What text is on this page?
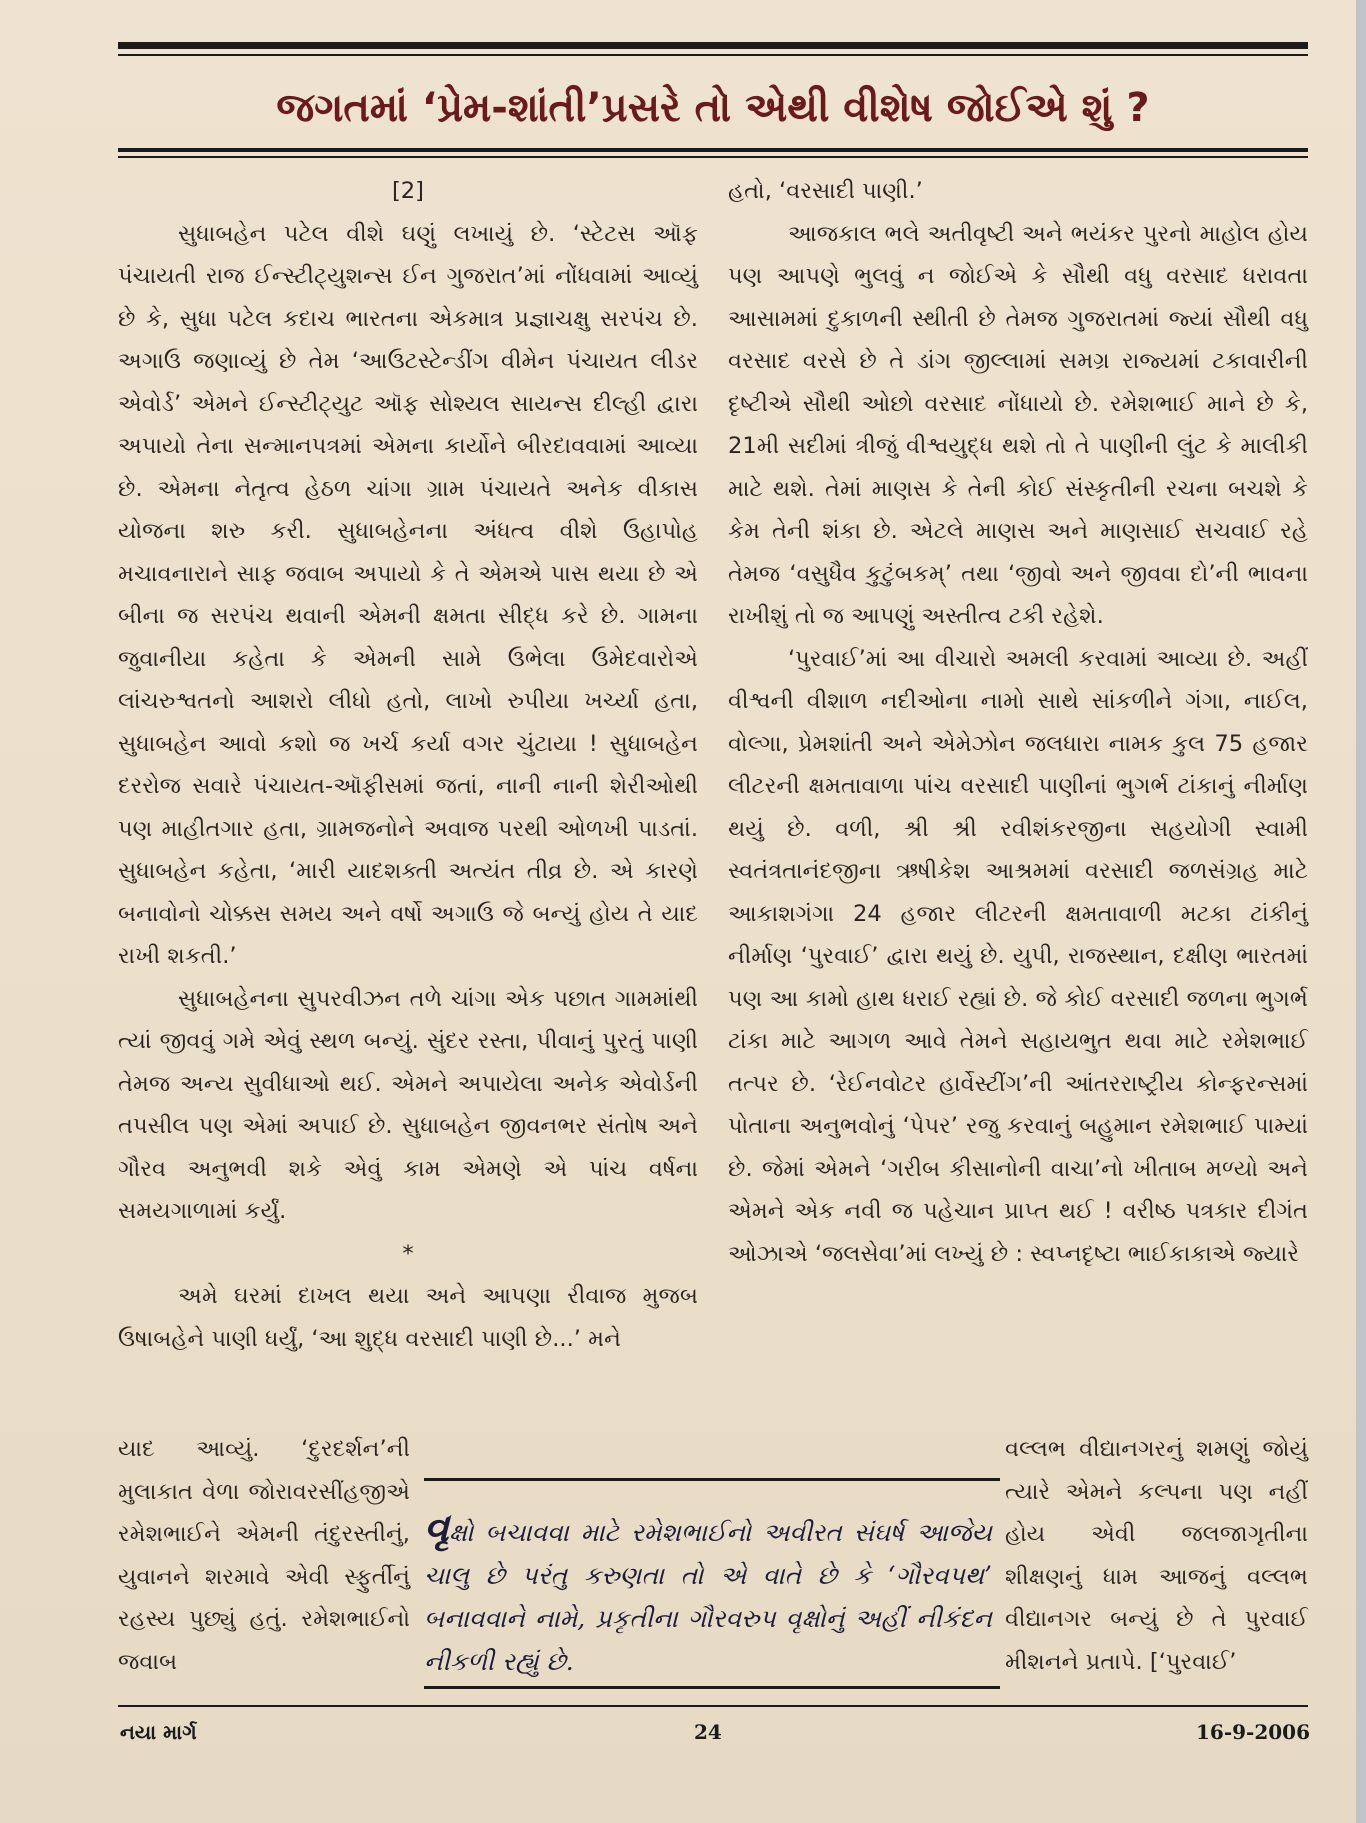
જગતમાં ‘પ્રેમ-શાંતી’પ્રસરે તો એથી વીશેષ જોઈએ શું ?

[2]

સુધાબહેન પટેલ વીશે ઘણું લખાયું છે. ‘સ્ટેટસ ઑફ પંચાયતી રાજ ઈન્સ્ટીટ્યુશન્સ ઈન ગુજરાત’માં નોંધવામાં આવ્યું છે કે, સુધા પટેલ કદાચ ભારતના એકમાત્ર પ્રજ્ઞાચક્ષુ સરપંચ છે. અગાઉ જણાવ્યું છે તેમ ‘આઉટસ્ટેન્ડીંગ વીમેન પંચાયત લીડર એવોર્ડ’ એમને ઈન્સ્ટીટ્યુટ ઑફ સોશ્યલ સાયન્સ દીલ્હી દ્વારા અપાયો તેના સન્માનપત્રમાં એમના કાર્યોને બીરદાવવામાં આવ્યા છે. એમના નેતૃત્વ હેઠળ ચાંગા ગ્રામ પંચાયતે અનેક વીકાસ યોજના શરુ કરી. સુધાબહેનના અંધત્વ વીશે ઉહાપોહ મચાવનારાને સાફ જવાબ અપાયો કે તે એમએ પાસ થયા છે એ બીના જ સરપંચ થવાની એમની ક્ષમતા સીદ્ધ કરે છે. ગામના જુવાનીયા કહેતા કે એમની સામે ઉભેલા ઉમેદવારોએ લાંચરુશ્વતનો આશરો લીધો હતો, લાખો રુપીયા ખર્ચ્યા હતા, સુધાબહેન આવો કશો જ ખર્ચ કર્યા વગર ચુંટાયા ! સુધાબહેન દરરોજ સવારે પંચાયત-ઑફીસમાં જતાં, નાની નાની શેરીઓથી પણ માહીતગાર હતા, ગ્રામજનોને અવાજ પરથી ઓળખી પાડતાં. સુધાબહેન કહેતા, ‘મારી યાદશક્તી અત્યંત તીવ્ર છે. એ કારણે બનાવોનો ચોક્કસ સમય અને વર્ષો અગાઉ જે બન્યું હોય તે યાદ રાખી શકતી.’

સુધાબહેનના સુપરવીઝન તળે ચાંગા એક પછાત ગામમાંથી ત્યાં જીવવું ગમે એવું સ્થળ બન્યું. સુંદર રસ્તા, પીવાનું પુરતું પાણી તેમજ અન્ય સુવીધાઓ થઈ. એમને અપાયેલા અનેક એવોર્ડની તપસીલ પણ એમાં અપાઈ છે. સુધાબહેન જીવનભર સંતોષ અને ગૌરવ અનુભવી શકે એવું કામ એમણે એ પાંચ વર્ષના સમયગાળામાં કર્યું.

*

અમે ઘરમાં દાખલ થયા અને આપણા રીવાજ મુજબ ઉષાબહેને પાણી ધર્યું, ‘આ શુદ્ધ વરસાદી પાણી છે...’ મને

હતો, ‘વરસાદી પાણી.’

આજકાલ ભલે અતીવૃષ્ટી અને ભયંકર પુરનો માહોલ હોય પણ આપણે ભુલવું ન જોઈએ કે સૌથી વધુ વરસાદ ધરાવતા આસામમાં દુકાળની સ્થીતી છે તેમજ ગુજરાતમાં જ્યાં સૌથી વધુ વરસાદ વરસે છે તે ડાંગ જીલ્લામાં સમગ્ર રાજ્યમાં ટકાવારીની દૃષ્ટીએ સૌથી ઓછો વરસાદ નોંધાયો છે. રમેશભાઈ માને છે કે, 21મી સદીમાં ત્રીજું વીશ્વયુદ્ધ થશે તો તે પાણીની લુંટ કે માલીકી માટે થશે. તેમાં માણસ કે તેની કોઈ સંસ્કૃતીની રચના બચશે કે કેમ તેની શંકા છે. એટલે માણસ અને માણસાઈ સચવાઈ રહે તેમજ ‘વસુધૈવ કુટુંબકમ્’ તથા ‘જીવો અને જીવવા દો’ની ભાવના રાખીશું તો જ આપણું અસ્તીત્વ ટકી રહેશે.

‘પુરવાઈ’માં આ વીચારો અમલી કરવામાં આવ્યા છે. અહીં વીશ્વની વીશાળ નદીઓના નામો સાથે સાંકળીને ગંગા, નાઈલ, વોલ્ગા, પ્રેમશાંતી અને એમેઝોન જલધારા નામક કુલ 75 હજાર લીટરની ક્ષમતાવાળા પાંચ વરસાદી પાણીનાં ભુગર્ભ ટાંકાનું નીર્માણ થયું છે. વળી, શ્રી શ્રી રવીશંકરજીના સહયોગી સ્વામી સ્વતંત્રતાનંદજીના ઋષીકેશ આશ્રમમાં વરસાદી જળસંગ્રહ માટે આકાશગંગા 24 હજાર લીટરની ક્ષમતાવાળી મટકા ટાંકીનું નીર્માણ ‘પુરવાઈ’ દ્વારા થયું છે. યુપી, રાજસ્થાન, દક્ષીણ ભારતમાં પણ આ કામો હાથ ધરાઈ રહ્યાં છે. જે કોઈ વરસાદી જળના ભુગર્ભ ટાંકા માટે આગળ આવે તેમને સહાયભુત થવા માટે રમેશભાઈ તત્પર છે. ‘રેઈનવોટર હાર્વેસ્ટીંગ’ની આંતરરાષ્ટ્રીય કોન્ફરન્સમાં પોતાના અનુભવોનું ‘પેપર’ રજુ કરવાનું બહુમાન રમેશભાઈ પામ્યાં છે. જેમાં એમને ‘ગરીબ કીસાનોની વાચા’નો ખીતાબ મળ્યો અને એમને એક નવી જ પહેચાન પ્રાપ્ત થઈ ! વરીષ્ઠ પત્રકાર દીગંત ઓઝાએ ‘જલસેવા’માં લખ્યું છે : સ્વપ્નદૃષ્ટા ભાઈકાકાએ જ્યારે

યાદ આવ્યું. ‘દુરદર્શન’ની મુલાકાત વેળા જોરાવરસીંહજીએ રમેશભાઈને એમની તંદુરસ્તીનું, યુવાનને શરમાવે એવી સ્ફુર્તીનું રહસ્ય પુછ્યું હતું. રમેશભાઈનો જવાબ
વૃક્ષો બચાવવા માટે રમેશભાઈનો અવીરત સંઘર્ષ આજેય ચાલુ છે પરંતુ કરુણતા તો એ વાતે છે કે ‘ગૌરવપથ’ બનાવવાને નામે, પ્રકૃતીના ગૌરવરુપ વૃક્ષોનું અહીં નીકંદન નીકળી રહ્યું છે.
વલ્લભ વીદ્યાનગરનું શમણું જોયું ત્યારે એમને કલ્પના પણ નહીં હોય એવી જલજાગૃતીના શીક્ષણનું ધામ આજનું વલ્લભ વીદ્યાનગર બન્યું છે તે પુરવાઈ મીશનને પ્રતાપે. [‘પુરવાઈ’
નયા માર્ગ	24	16-9-2006
